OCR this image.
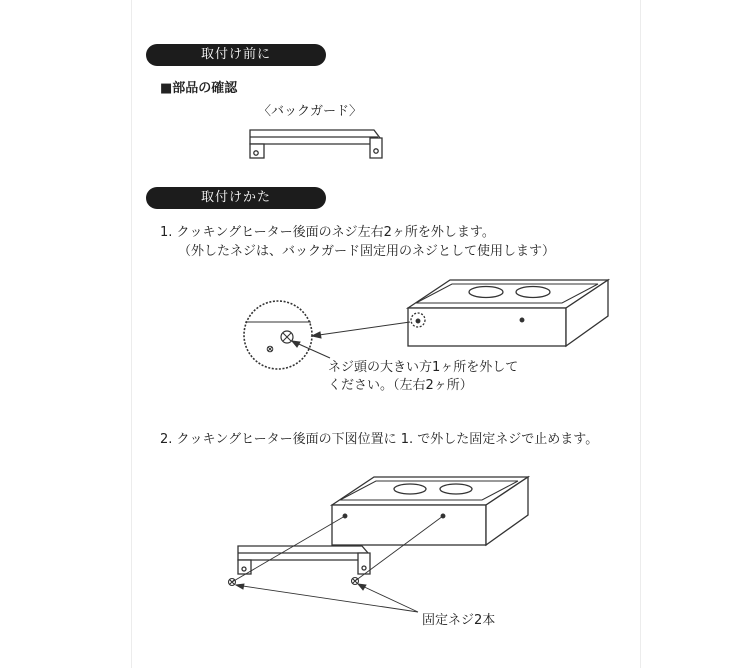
取付け前に
■部品の確認
〈バックガード〉
取付けかた
1. クッキングヒーター後面のネジ左右2ヶ所を外します。
（外したネジは、バックガード固定用のネジとして使用します）
ネジ頭の大きい方1ヶ所を外して
ください。（左右2ヶ所）
2. クッキングヒーター後面の下図位置に 1. で外した固定ネジで止めます。
固定ネジ2本
